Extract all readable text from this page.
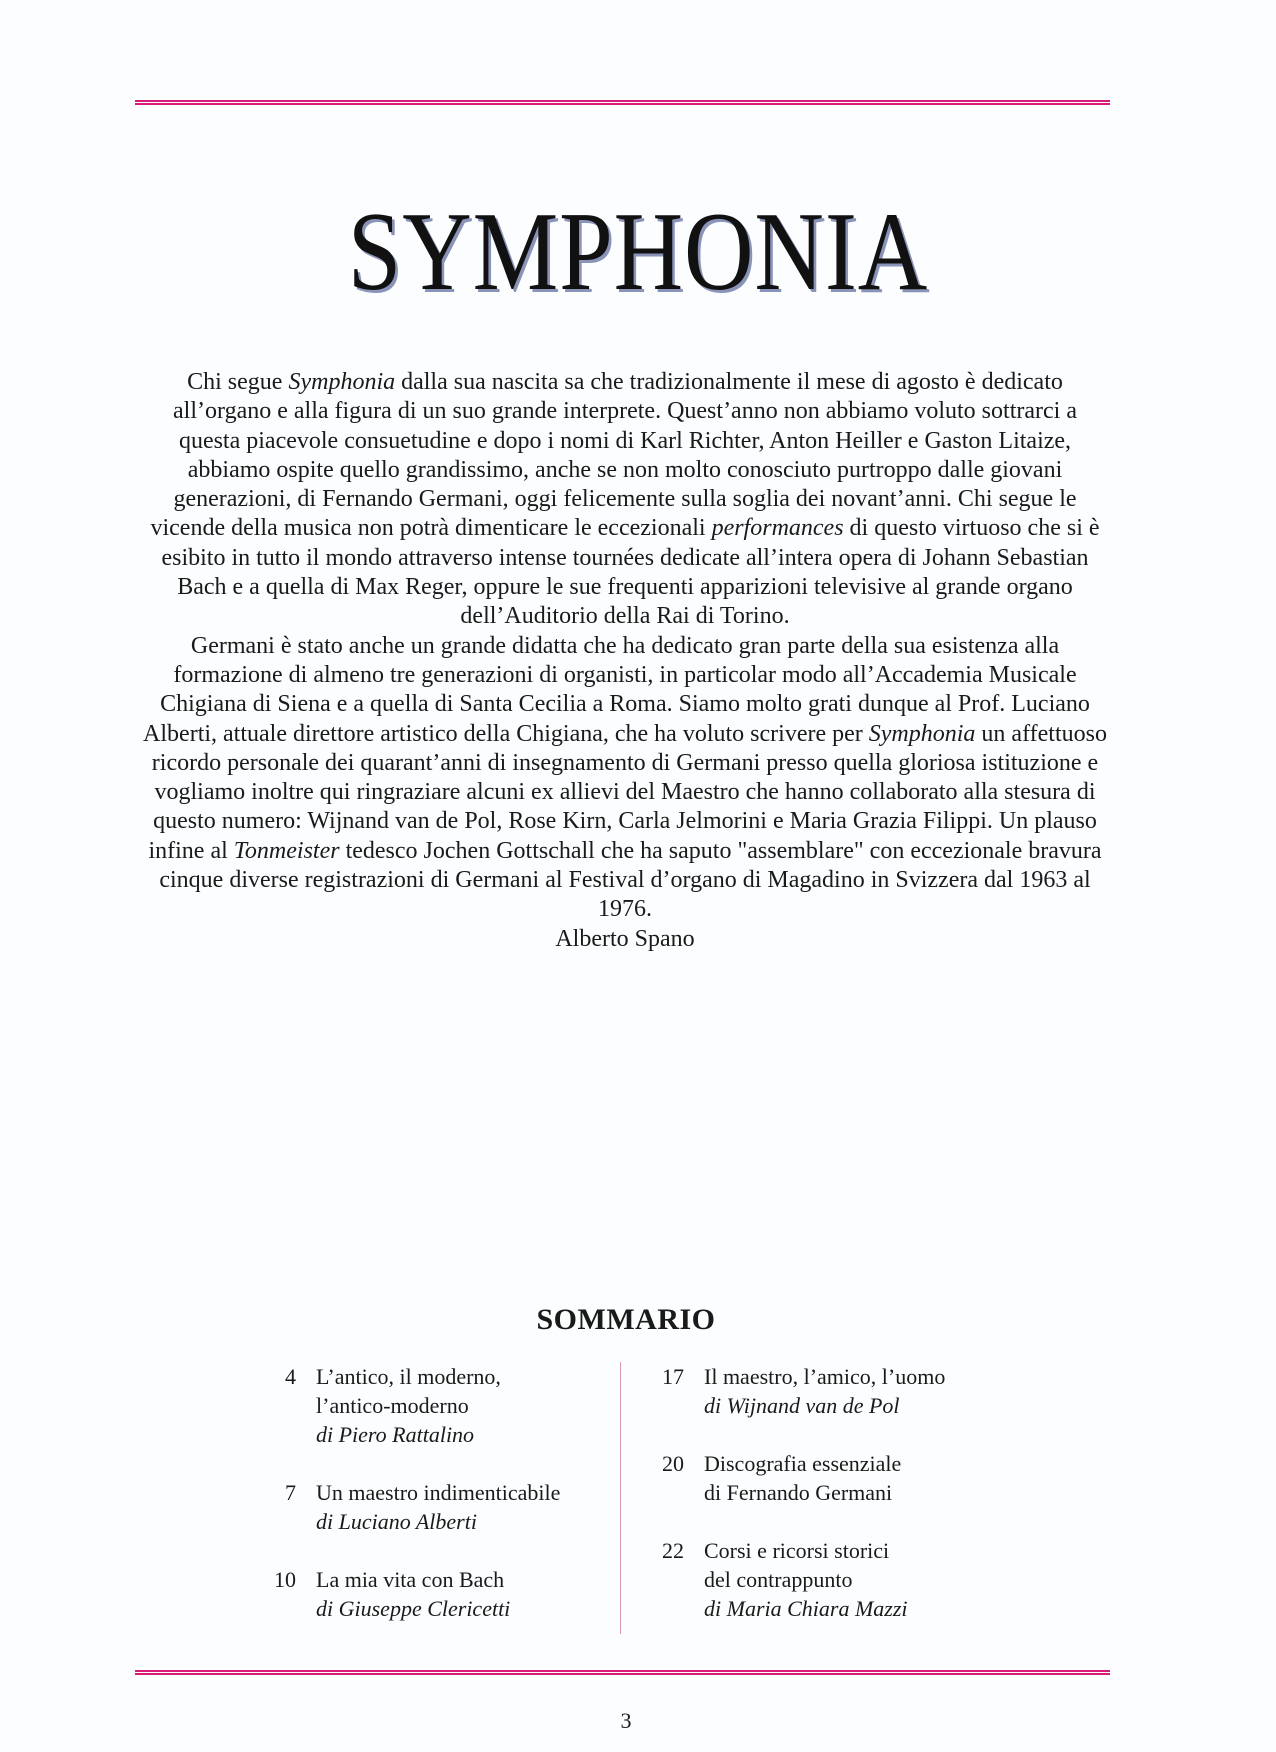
SYMPHONIA

Chi segue Symphonia dalla sua nascita sa che tradizionalmente il mese di agosto è dedicato all’organo e alla figura di un suo grande interprete. Quest’anno non abbiamo voluto sottrarci a questa piacevole consuetudine e dopo i nomi di Karl Richter, Anton Heiller e Gaston Litaize, abbiamo ospite quello grandissimo, anche se non molto conosciuto purtroppo dalle giovani generazioni, di Fernando Germani, oggi felicemente sulla soglia dei novant’anni. Chi segue le vicende della musica non potrà dimenticare le eccezionali performances di questo virtuoso che si è esibito in tutto il mondo attraverso intense tournées dedicate all’intera opera di Johann Sebastian Bach e a quella di Max Reger, oppure le sue frequenti apparizioni televisive al grande organo dell’Auditorio della Rai di Torino.

Germani è stato anche un grande didatta che ha dedicato gran parte della sua esistenza alla formazione di almeno tre generazioni di organisti, in particolar modo all’Accademia Musicale Chigiana di Siena e a quella di Santa Cecilia a Roma. Siamo molto grati dunque al Prof. Luciano Alberti, attuale direttore artistico della Chigiana, che ha voluto scrivere per Symphonia un affettuoso ricordo personale dei quarant’anni di insegnamento di Germani presso quella gloriosa istituzione e vogliamo inoltre qui ringraziare alcuni ex allievi del Maestro che hanno collaborato alla stesura di questo numero: Wijnand van de Pol, Rose Kirn, Carla Jelmorini e Maria Grazia Filippi. Un plauso infine al Tonmeister tedesco Jochen Gottschall che ha saputo "assemblare" con eccezionale bravura cinque diverse registrazioni di Germani al Festival d’organo di Magadino in Svizzera dal 1963 al 1976.

Alberto Spano

SOMMARIO
4 L’antico, il moderno,
l’antico-moderno
di Piero Rattalino
7 Un maestro indimenticabile
di Luciano Alberti
10 La mia vita con Bach
di Giuseppe Clericetti
17 Il maestro, l’amico, l’uomo
di Wijnand van de Pol
20 Discografia essenziale
di Fernando Germani
22 Corsi e ricorsi storici
del contrappunto
di Maria Chiara Mazzi
3
